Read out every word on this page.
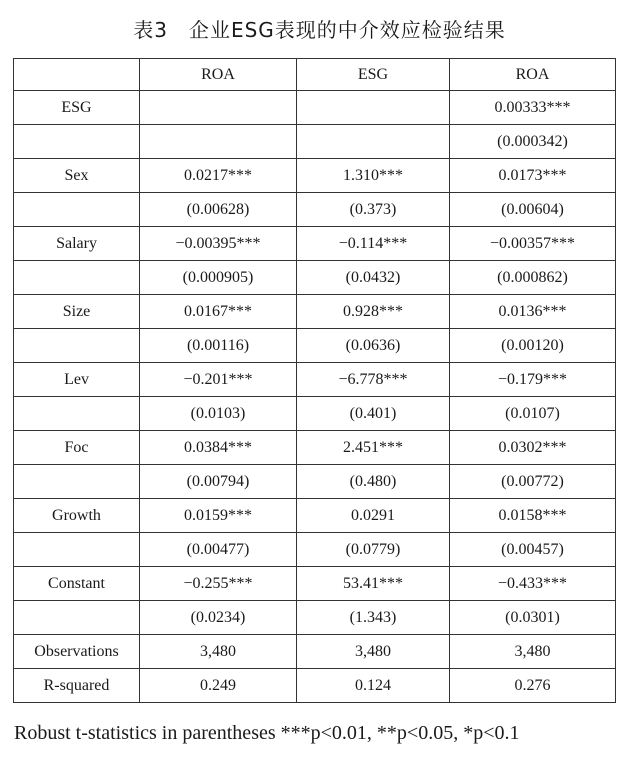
表3　企业ESG表现的中介效应检验结果
	ROA	ESG	ROA
ESG			0.00333***
			(0.000342)
Sex	0.0217***	1.310***	0.0173***
	(0.00628)	(0.373)	(0.00604)
Salary	−0.00395***	−0.114***	−0.00357***
	(0.000905)	(0.0432)	(0.000862)
Size	0.0167***	0.928***	0.0136***
	(0.00116)	(0.0636)	(0.00120)
Lev	−0.201***	−6.778***	−0.179***
	(0.0103)	(0.401)	(0.0107)
Foc	0.0384***	2.451***	0.0302***
	(0.00794)	(0.480)	(0.00772)
Growth	0.0159***	0.0291	0.0158***
	(0.00477)	(0.0779)	(0.00457)
Constant	−0.255***	53.41***	−0.433***
	(0.0234)	(1.343)	(0.0301)
Observations	3,480	3,480	3,480
R-squared	0.249	0.124	0.276
Robust t-statistics in parentheses ***p<0.01, **p<0.05, *p<0.1
